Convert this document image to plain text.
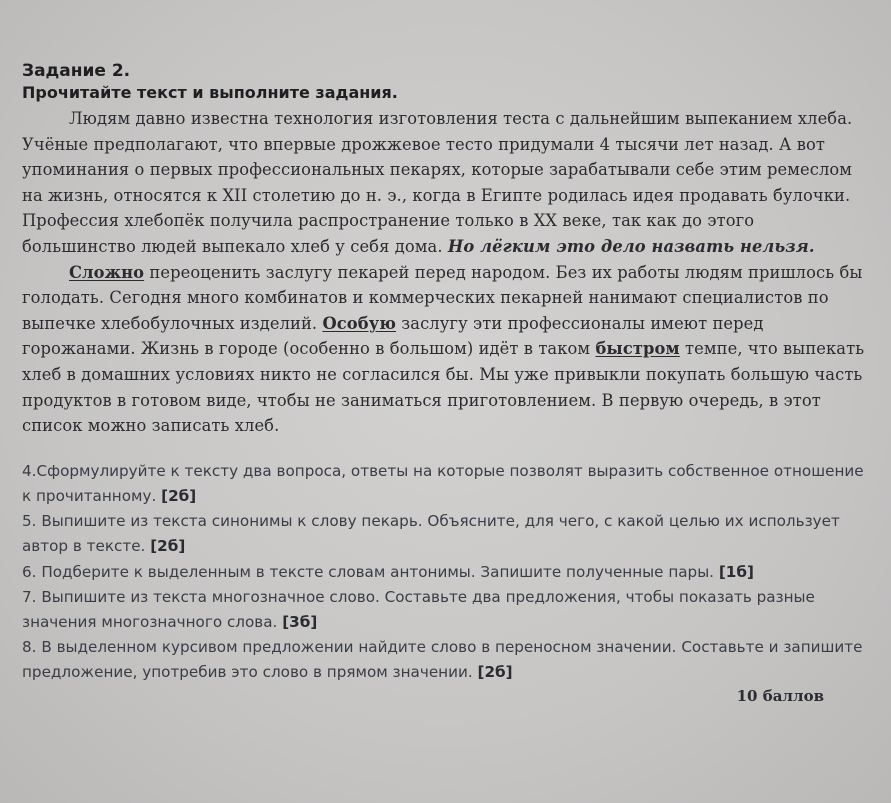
Задание 2.

Прочитайте текст и выполните задания.

Людям давно известна технология изготовления теста с дальнейшим выпеканием хлеба. Учёные предполагают, что впервые дрожжевое тесто придумали 4 тысячи лет назад. А вот упоминания о первых профессиональных пекарях, которые зарабатывали себе этим ремеслом на жизнь, относятся к XII столетию до н. э., когда в Египте родилась идея продавать булочки. Профессия хлебопёк получила распространение только в XX веке, так как до этого большинство людей выпекало хлеб у себя дома. Но лёгким это дело назвать нельзя.

Сложно переоценить заслугу пекарей перед народом. Без их работы людям пришлось бы голодать. Сегодня много комбинатов и коммерческих пекарней нанимают специалистов по выпечке хлебобулочных изделий. Особую заслугу эти профессионалы имеют перед горожанами. Жизнь в городе (особенно в большом) идёт в таком быстром темпе, что выпекать хлеб в домашних условиях никто не согласился бы. Мы уже привыкли покупать большую часть продуктов в готовом виде, чтобы не заниматься приготовлением. В первую очередь, в этот список можно записать хлеб.

4.Сформулируйте к тексту два вопроса, ответы на которые позволят выразить собственное отношение к прочитанному. [2б]

5. Выпишите из текста синонимы к слову пекарь. Объясните, для чего, с какой целью их использует автор в тексте. [2б]

6. Подберите к выделенным в тексте словам антонимы. Запишите полученные пары. [1б]

7. Выпишите из текста многозначное слово. Составьте два предложения, чтобы показать разные значения многозначного слова. [3б]

8. В выделенном курсивом предложении найдите слово в переносном значении. Составьте и запишите предложение, употребив это слово в прямом значении. [2б]

10 баллов
